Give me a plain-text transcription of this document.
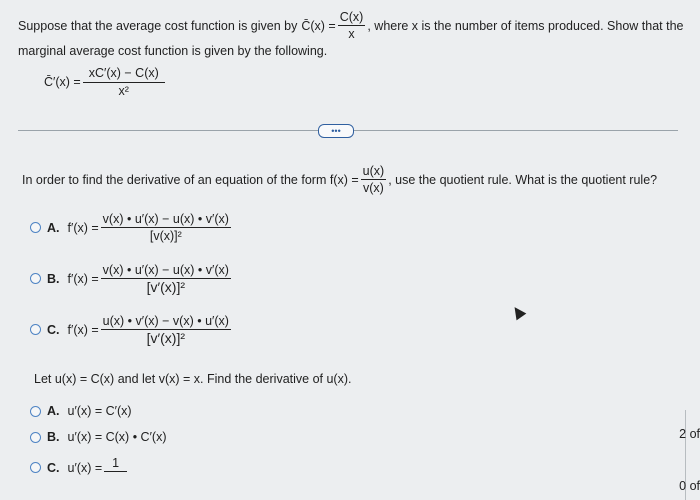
Suppose that the average cost function is given by C̄(x) = $\frac{C(x)}{x}$ , where x is the number of items produced. Show that the
marginal average cost function is given by the following.
C̄′(x) = $\frac{xC'(x) - C(x)}{\text{x²}}$
•••
In order to find the derivative of an equation of the form $f(x) = \frac{u(x)}{v(x)}$ , use the quotient rule. What is the quotient rule?
A. $f'(x) = \frac{v(x) • u'(x) - u(x) • v'(x)}{\text{[v(x)]²}}$
B. $f'(x) = \frac{v(x) • u'(x) - u(x) • v'(x)}{\text{[v′(x)]²}}$
C. $f'(x) = \frac{u(x) • v'(x) - v(x) • u'(x)}{\text{[v′(x)]²}}$
Let u(x) = C(x) and let v(x) = x. Find the derivative of u(x).
A. u′(x) = C′(x)
B. u′(x) = C(x) • C′(x)
C. u′(x) = 1
2 of
0 of
